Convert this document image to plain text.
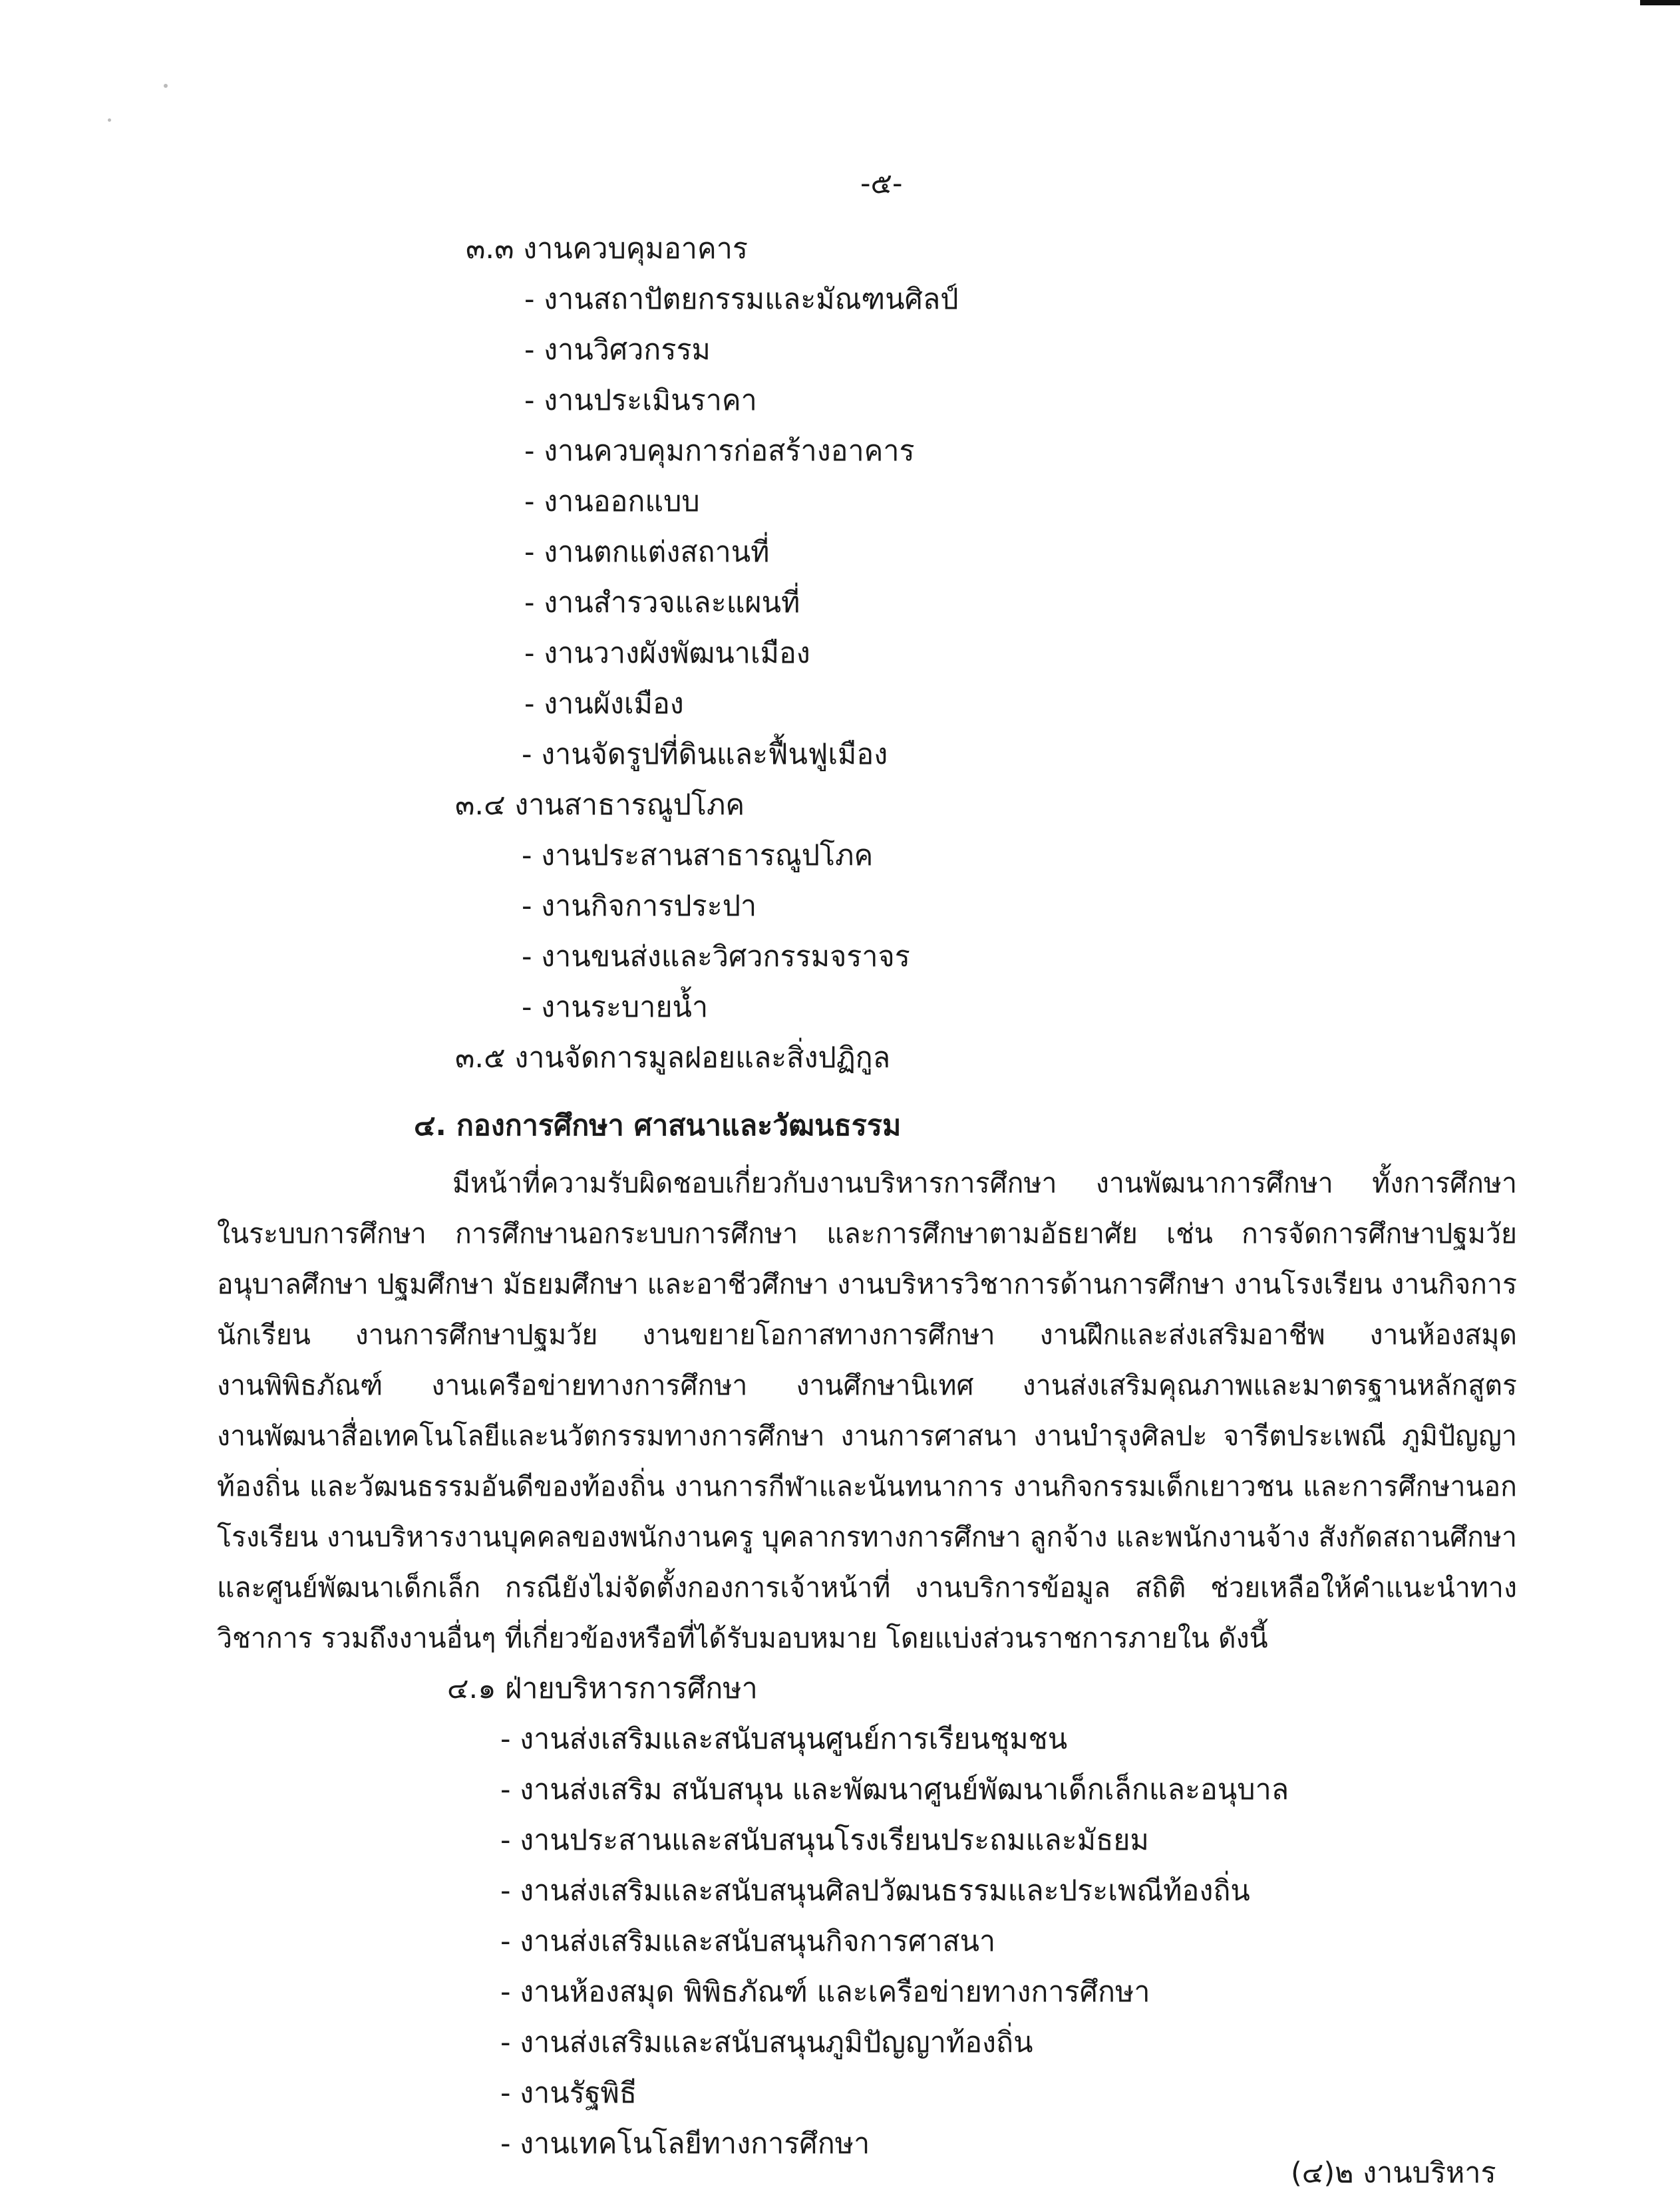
-๕-
๓.๓ งานควบคุมอาคาร
- งานสถาปัตยกรรมและมัณฑนศิลป์
- งานวิศวกรรม
- งานประเมินราคา
- งานควบคุมการก่อสร้างอาคาร
- งานออกแบบ
- งานตกแต่งสถานที่
- งานสำรวจและแผนที่
- งานวางผังพัฒนาเมือง
- งานผังเมือง
- งานจัดรูปที่ดินและฟื้นฟูเมือง
๓.๔ งานสาธารณูปโภค
- งานประสานสาธารณูปโภค
- งานกิจการประปา
- งานขนส่งและวิศวกรรมจราจร
- งานระบายน้ำ
๓.๕ งานจัดการมูลฝอยและสิ่งปฏิกูล
๔. กองการศึกษา ศาสนาและวัฒนธรรม
มีหน้าที่ความรับผิดชอบเกี่ยวกับงานบริหารการศึกษา งานพัฒนาการศึกษา ทั้งการศึกษา
ในระบบการศึกษา การศึกษานอกระบบการศึกษา และการศึกษาตามอัธยาศัย เช่น การจัดการศึกษาปฐมวัย
อนุบาลศึกษา ปฐมศึกษา มัธยมศึกษา และอาชีวศึกษา งานบริหารวิชาการด้านการศึกษา งานโรงเรียน งานกิจการ
นักเรียน งานการศึกษาปฐมวัย งานขยายโอกาสทางการศึกษา งานฝึกและส่งเสริมอาชีพ งานห้องสมุด
งานพิพิธภัณฑ์ งานเครือข่ายทางการศึกษา งานศึกษานิเทศ งานส่งเสริมคุณภาพและมาตรฐานหลักสูตร
งานพัฒนาสื่อเทคโนโลยีและนวัตกรรมทางการศึกษา งานการศาสนา งานบำรุงศิลปะ จารีตประเพณี ภูมิปัญญา
ท้องถิ่น และวัฒนธรรมอันดีของท้องถิ่น งานการกีฬาและนันทนาการ งานกิจกรรมเด็กเยาวชน และการศึกษานอก
โรงเรียน งานบริหารงานบุคคลของพนักงานครู บุคลากรทางการศึกษา ลูกจ้าง และพนักงานจ้าง สังกัดสถานศึกษา
และศูนย์พัฒนาเด็กเล็ก กรณียังไม่จัดตั้งกองการเจ้าหน้าที่ งานบริการข้อมูล สถิติ ช่วยเหลือให้คำแนะนำทาง
วิชาการ รวมถึงงานอื่นๆ ที่เกี่ยวข้องหรือที่ได้รับมอบหมาย โดยแบ่งส่วนราชการภายใน ดังนี้
๔.๑ ฝ่ายบริหารการศึกษา
- งานส่งเสริมและสนับสนุนศูนย์การเรียนชุมชน
- งานส่งเสริม สนับสนุน และพัฒนาศูนย์พัฒนาเด็กเล็กและอนุบาล
- งานประสานและสนับสนุนโรงเรียนประถมและมัธยม
- งานส่งเสริมและสนับสนุนศิลปวัฒนธรรมและประเพณีท้องถิ่น
- งานส่งเสริมและสนับสนุนกิจการศาสนา
- งานห้องสมุด พิพิธภัณฑ์ และเครือข่ายทางการศึกษา
- งานส่งเสริมและสนับสนุนภูมิปัญญาท้องถิ่น
- งานรัฐพิธี
- งานเทคโนโลยีทางการศึกษา
(๔)๒ งานบริหาร
